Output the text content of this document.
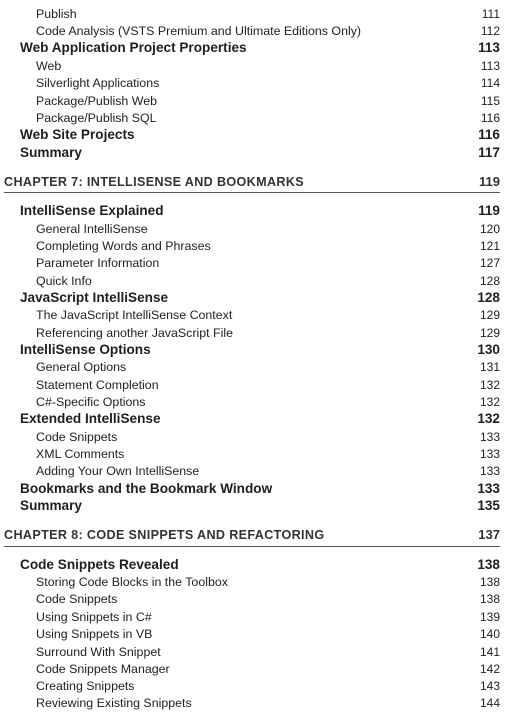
Publish	111
Code Analysis (VSTS Premium and Ultimate Editions Only)	112
Web Application Project Properties	113
Web	113
Silverlight Applications	114
Package/Publish Web	115
Package/Publish SQL	116
Web Site Projects	116
Summary	117
CHAPTER 7: INTELLISENSE AND BOOKMARKS	119
IntelliSense Explained	119
General IntelliSense	120
Completing Words and Phrases	121
Parameter Information	127
Quick Info	128
JavaScript IntelliSense	128
The JavaScript IntelliSense Context	129
Referencing another JavaScript File	129
IntelliSense Options	130
General Options	131
Statement Completion	132
C#-Specific Options	132
Extended IntelliSense	132
Code Snippets	133
XML Comments	133
Adding Your Own IntelliSense	133
Bookmarks and the Bookmark Window	133
Summary	135
CHAPTER 8: CODE SNIPPETS AND REFACTORING	137
Code Snippets Revealed	138
Storing Code Blocks in the Toolbox	138
Code Snippets	138
Using Snippets in C#	139
Using Snippets in VB	140
Surround With Snippet	141
Code Snippets Manager	142
Creating Snippets	143
Reviewing Existing Snippets	144
